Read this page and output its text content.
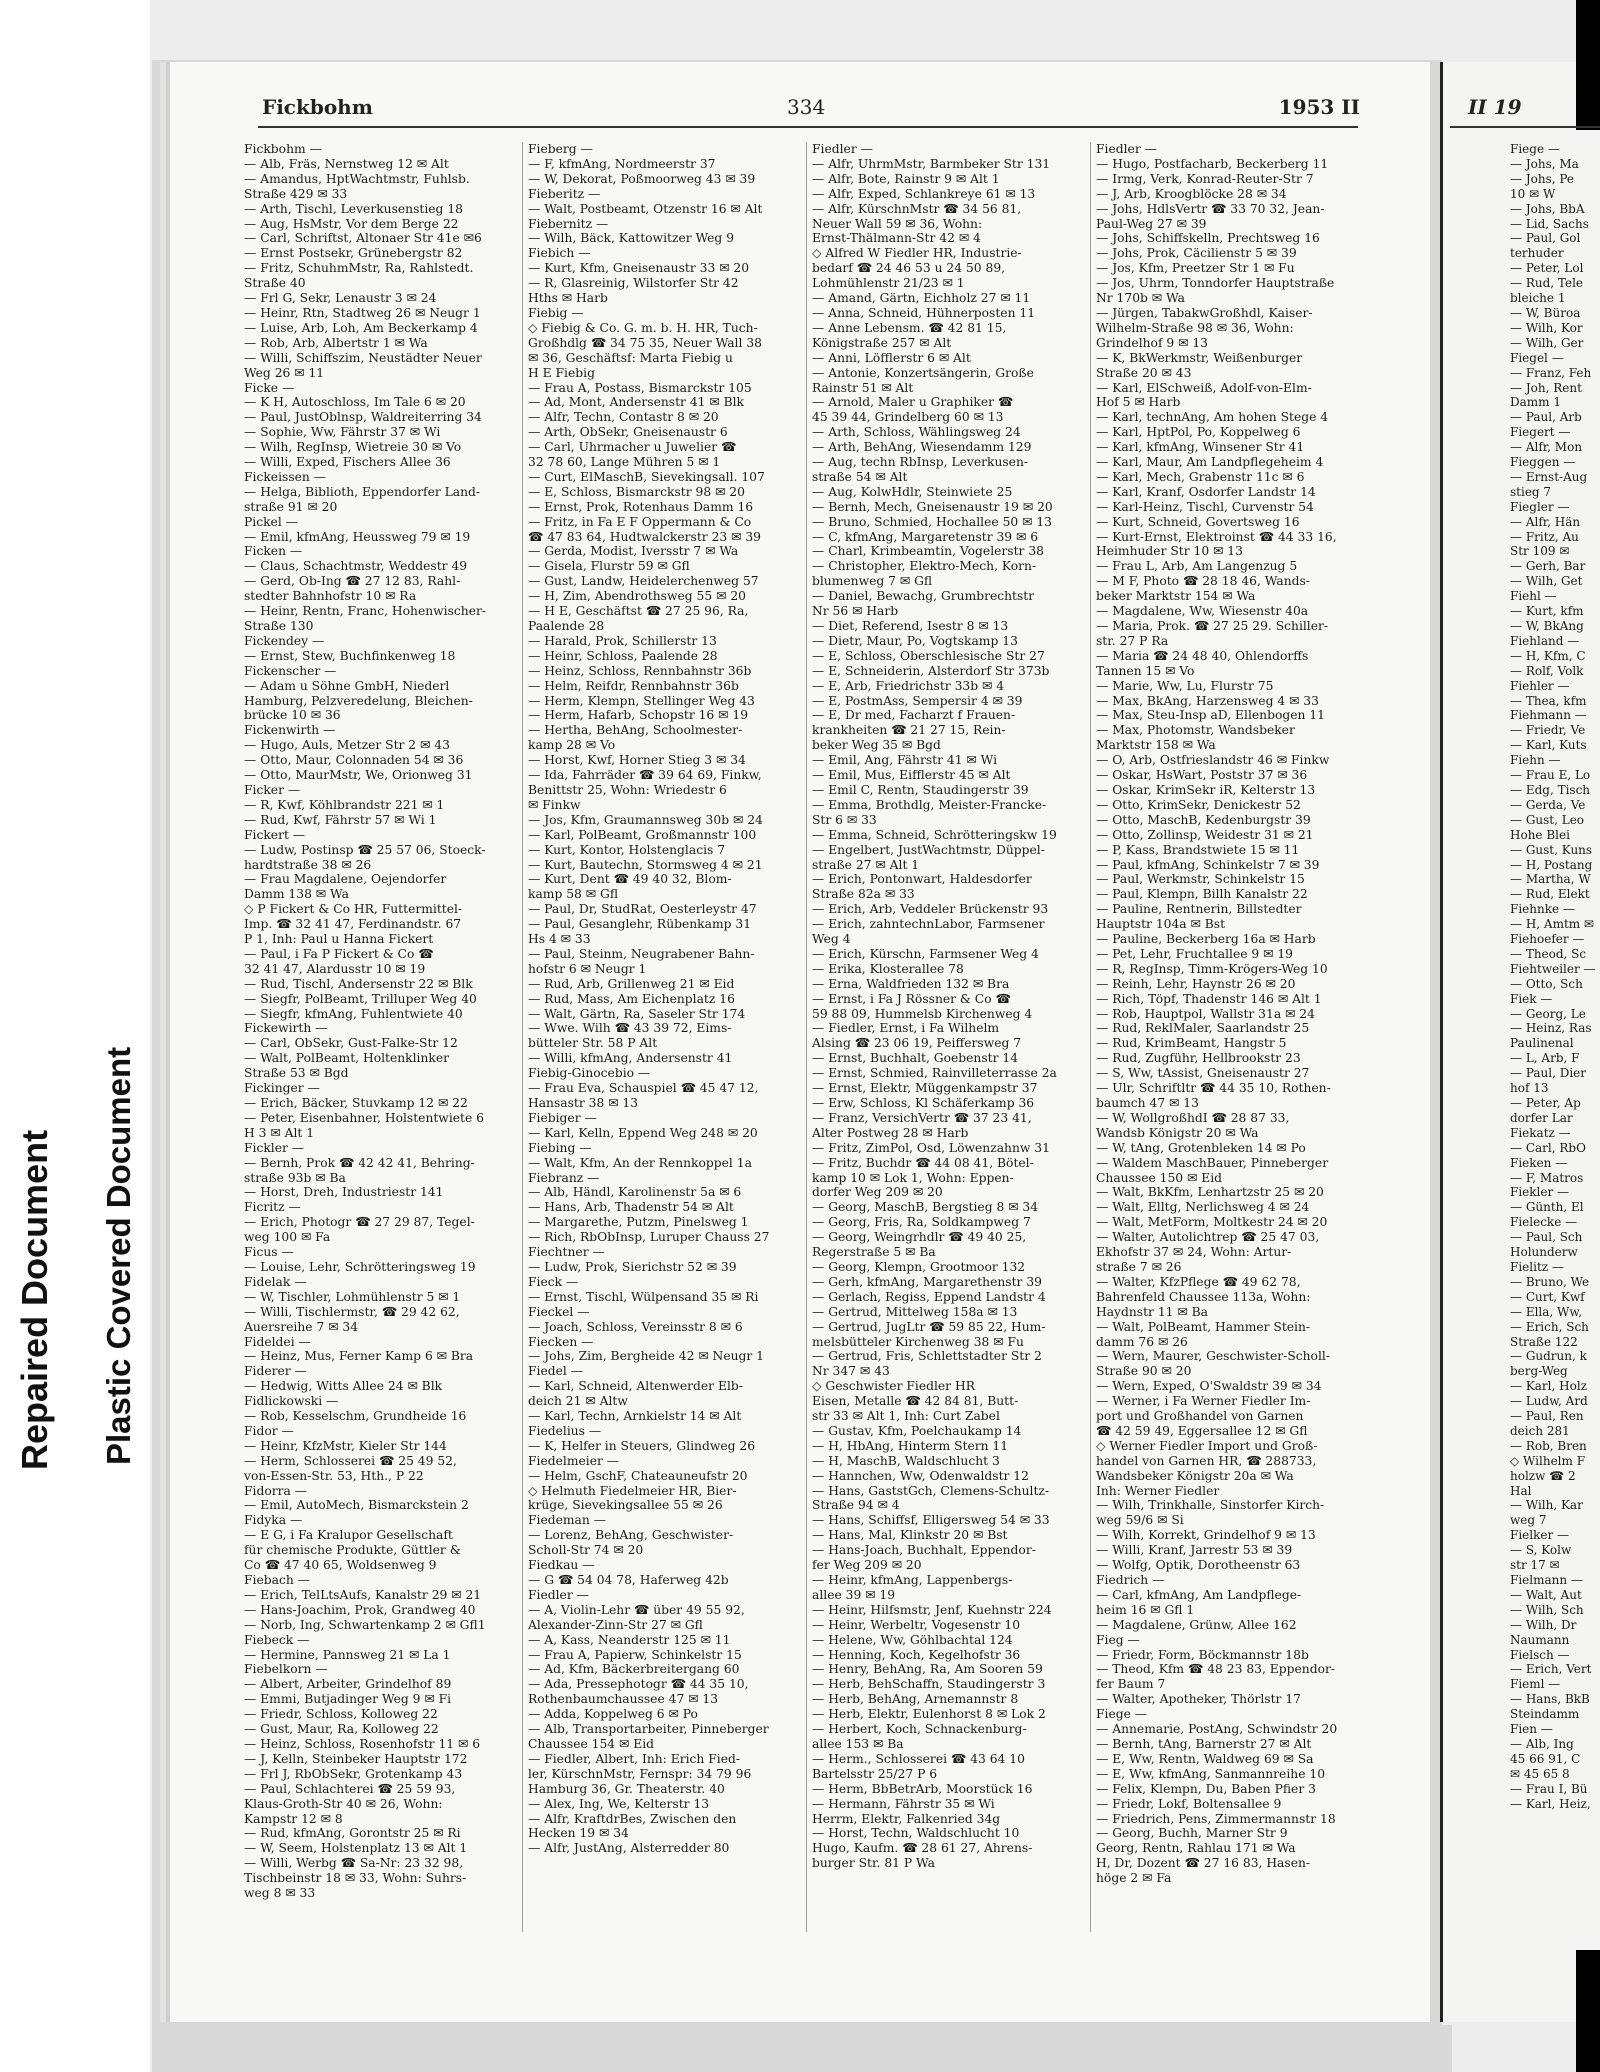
Repaired Document Plastic Covered Document
Fickbohm	334	1953 II	II 19
Fickbohm —
— Alb, Fräs, Nernstweg 12 ✉ Alt
— Amandus, HptWachtmstr, Fuhlsb.
Straße 429 ✉ 33
— Arth, Tischl, Leverkusenstieg 18
— Aug, HsMstr, Vor dem Berge 22
— Carl, Schriftst, Altonaer Str 41e ✉6
— Ernst Postsekr, Grünebergstr 82
— Fritz, SchuhmMstr, Ra, Rahlstedt.
Straße 40
— Frl G, Sekr, Lenaustr 3 ✉ 24
— Heinr, Rtn, Stadtweg 26 ✉ Neugr 1
— Luise, Arb, Loh, Am Beckerkamp 4
— Rob, Arb, Albertstr 1 ✉ Wa
— Willi, Schiffszim, Neustädter Neuer
Weg 26 ✉ 11
Ficke —
— K H, Autoschloss, Im Tale 6 ✉ 20
— Paul, JustOblnsp, Waldreiterring 34
— Sophie, Ww, Fährstr 37 ✉ Wi
— Wilh, RegInsp, Wietreie 30 ✉ Vo
— Willi, Exped, Fischers Allee 36
Fickeissen —
— Helga, Biblioth, Eppendorfer Land-
straße 91 ✉ 20
Pickel —
— Emil, kfmAng, Heussweg 79 ✉ 19
Ficken —
— Claus, Schachtmstr, Weddestr 49
— Gerd, Ob-Ing ☎ 27 12 83, Rahl-
stedter Bahnhofstr 10 ✉ Ra
— Heinr, Rentn, Franc, Hohenwischer-
Straße 130
Fickendey —
— Ernst, Stew, Buchfinkenweg 18
Fickenscher —
— Adam u Söhne GmbH, Niederl
Hamburg, Pelzveredelung, Bleichen-
brücke 10 ✉ 36
Fickenwirth —
— Hugo, Auls, Metzer Str 2 ✉ 43
— Otto, Maur, Colonnaden 54 ✉ 36
— Otto, MaurMstr, We, Orionweg 31
Ficker —
— R, Kwf, Köhlbrandstr 221 ✉ 1
— Rud, Kwf, Fährstr 57 ✉ Wi 1
Fickert —
— Ludw, Postinsp ☎ 25 57 06, Stoeck-
hardtstraße 38 ✉ 26
— Frau Magdalene, Oejendorfer
Damm 138 ✉ Wa
◇ P Fickert & Co HR, Futtermittel-
Imp. ☎ 32 41 47, Ferdinandstr. 67
P 1, Inh: Paul u Hanna Fickert
— Paul, i Fa P Fickert & Co ☎
32 41 47, Alardusstr 10 ✉ 19
— Rud, Tischl, Andersenstr 22 ✉ Blk
— Siegfr, PolBeamt, Trilluper Weg 40
— Siegfr, kfmAng, Fuhlentwiete 40
Fickewirth —
— Carl, ObSekr, Gust-Falke-Str 12
— Walt, PolBeamt, Holtenklinker
Straße 53 ✉ Bgd
Fickinger —
— Erich, Bäcker, Stuvkamp 12 ✉ 22
— Peter, Eisenbahner, Holstentwiete 6
H 3 ✉ Alt 1
Fickler —
— Bernh, Prok ☎ 42 42 41, Behring-
straße 93b ✉ Ba
— Horst, Dreh, Industriestr 141
Ficritz —
— Erich, Photogr ☎ 27 29 87, Tegel-
weg 100 ✉ Fa
Ficus —
— Louise, Lehr, Schrötteringsweg 19
Fidelak —
— W, Tischler, Lohmühlenstr 5 ✉ 1
— Willi, Tischlermstr, ☎ 29 42 62,
Auersreihe 7 ✉ 34
Fideldei —
— Heinz, Mus, Ferner Kamp 6 ✉ Bra
Fiderer —
— Hedwig, Witts Allee 24 ✉ Blk
Fidlickowski —
— Rob, Kesselschm, Grundheide 16
Fidor —
— Heinr, KfzMstr, Kieler Str 144
— Herm, Schlosserei ☎ 25 49 52,
von-Essen-Str. 53, Hth., P 22
Fidorra —
— Emil, AutoMech, Bismarckstein 2
Fidyka —
— E G, i Fa Kralupor Gesellschaft
für chemische Produkte, Güttler &
Co ☎ 47 40 65, Woldsenweg 9
Fiebach —
— Erich, TelLtsAufs, Kanalstr 29 ✉ 21
— Hans-Joachim, Prok, Grandweg 40
— Norb, Ing, Schwartenkamp 2 ✉ Gfl1
Fiebeck —
— Hermine, Pannsweg 21 ✉ La 1
Fiebelkorn —
— Albert, Arbeiter, Grindelhof 89
— Emmi, Butjadinger Weg 9 ✉ Fi
— Friedr, Schloss, Kolloweg 22
— Gust, Maur, Ra, Kolloweg 22
— Heinz, Schloss, Rosenhofstr 11 ✉ 6
— J, Kelln, Steinbeker Hauptstr 172
— Frl J, RbObSekr, Grotenkamp 43
— Paul, Schlachterei ☎ 25 59 93,
Klaus-Groth-Str 40 ✉ 26, Wohn:
Kampstr 12 ✉ 8
— Rud, kfmAng, Gorontstr 25 ✉ Ri
— W, Seem, Holstenplatz 13 ✉ Alt 1
— Willi, Werbg ☎ Sa-Nr: 23 32 98,
Tischbeinstr 18 ✉ 33, Wohn: Suhrs-
weg 8 ✉ 33
Fieberg —
— F, kfmAng, Nordmeerstr 37
— W, Dekorat, Poßmoorweg 43 ✉ 39
Fieberitz —
— Walt, Postbeamt, Otzenstr 16 ✉ Alt
Fiebernitz —
— Wilh, Bäck, Kattowitzer Weg 9
Fiebich —
— Kurt, Kfm, Gneisenaustr 33 ✉ 20
— R, Glasreinig, Wilstorfer Str 42
Hths ✉ Harb
Fiebig —
◇ Fiebig & Co. G. m. b. H. HR, Tuch-
Großhdlg ☎ 34 75 35, Neuer Wall 38
✉ 36, Geschäftsf: Marta Fiebig u
H E Fiebig
— Frau A, Postass, Bismarckstr 105
— Ad, Mont, Andersenstr 41 ✉ Blk
— Alfr, Techn, Contastr 8 ✉ 20
— Arth, ObSekr, Gneisenaustr 6
— Carl, Uhrmacher u Juwelier ☎
32 78 60, Lange Mühren 5 ✉ 1
— Curt, ElMaschB, Sievekingsall. 107
— E, Schloss, Bismarckstr 98 ✉ 20
— Ernst, Prok, Rotenhaus Damm 16
— Fritz, in Fa E F Oppermann & Co
☎ 47 83 64, Hudtwalckerstr 23 ✉ 39
— Gerda, Modist, Iversstr 7 ✉ Wa
— Gisela, Flurstr 59 ✉ Gfl
— Gust, Landw, Heidelerchenweg 57
— H, Zim, Abendrothsweg 55 ✉ 20
— H E, Geschäftst ☎ 27 25 96, Ra,
Paalende 28
— Harald, Prok, Schillerstr 13
— Heinr, Schloss, Paalende 28
— Heinz, Schloss, Rennbahnstr 36b
— Helm, Reifdr, Rennbahnstr 36b
— Herm, Klempn, Stellinger Weg 43
— Herm, Hafarb, Schopstr 16 ✉ 19
— Hertha, BehAng, Schoolmester-
kamp 28 ✉ Vo
— Horst, Kwf, Horner Stieg 3 ✉ 34
— Ida, Fahrräder ☎ 39 64 69, Finkw,
Benittstr 25, Wohn: Wriedestr 6
✉ Finkw
— Jos, Kfm, Graumannsweg 30b ✉ 24
— Karl, PolBeamt, Großmannstr 100
— Kurt, Kontor, Holstenglacis 7
— Kurt, Bautechn, Stormsweg 4 ✉ 21
— Kurt, Dent ☎ 49 40 32, Blom-
kamp 58 ✉ Gfl
— Paul, Dr, StudRat, Oesterleystr 47
— Paul, Gesanglehr, Rübenkamp 31
Hs 4 ✉ 33
— Paul, Steinm, Neugrabener Bahn-
hofstr 6 ✉ Neugr 1
— Rud, Arb, Grillenweg 21 ✉ Eid
— Rud, Mass, Am Eichenplatz 16
— Walt, Gärtn, Ra, Saseler Str 174
— Wwe. Wilh ☎ 43 39 72, Eims-
bütteler Str. 58 P Alt
— Willi, kfmAng, Andersenstr 41
Fiebig-Ginocebio —
— Frau Eva, Schauspiel ☎ 45 47 12,
Hansastr 38 ✉ 13
Fiebiger —
— Karl, Kelln, Eppend Weg 248 ✉ 20
Fiebing —
— Walt, Kfm, An der Rennkoppel 1a
Fiebranz —
— Alb, Händl, Karolinenstr 5a ✉ 6
— Hans, Arb, Thadenstr 54 ✉ Alt
— Margarethe, Putzm, Pinelsweg 1
— Rich, RbObInsp, Luruper Chauss 27
Fiechtner —
— Ludw, Prok, Sierichstr 52 ✉ 39
Fieck —
— Ernst, Tischl, Wülpensand 35 ✉ Ri
Fieckel —
— Joach, Schloss, Vereinsstr 8 ✉ 6
Fiecken —
— Johs, Zim, Bergheide 42 ✉ Neugr 1
Fiedel —
— Karl, Schneid, Altenwerder Elb-
deich 21 ✉ Altw
— Karl, Techn, Arnkielstr 14 ✉ Alt
Fiedelius —
— K, Helfer in Steuers, Glindweg 26
Fiedelmeier —
— Helm, GschF, Chateauneufstr 20
◇ Helmuth Fiedelmeier HR, Bier-
krüge, Sievekingsallee 55 ✉ 26
Fiedeman —
— Lorenz, BehAng, Geschwister-
Scholl-Str 74 ✉ 20
Fiedkau —
— G ☎ 54 04 78, Haferweg 42b
Fiedler —
— A, Violin-Lehr ☎ über 49 55 92,
Alexander-Zinn-Str 27 ✉ Gfl
— A, Kass, Neanderstr 125 ✉ 11
— Frau A, Papierw, Schinkelstr 15
— Ad, Kfm, Bäckerbreitergang 60
— Ada, Pressephotogr ☎ 44 35 10,
Rothenbaumchaussee 47 ✉ 13
— Adda, Koppelweg 6 ✉ Po
— Alb, Transportarbeiter, Pinneberger
Chaussee 154 ✉ Eid
— Fiedler, Albert, Inh: Erich Fied-
ler, KürschnMstr, Fernspr: 34 79 96
Hamburg 36, Gr. Theaterstr. 40
— Alex, Ing, We, Kelterstr 13
— Alfr, KraftdrBes, Zwischen den
Hecken 19 ✉ 34
— Alfr, JustAng, Alsterredder 80
Fiedler —
— Alfr, UhrmMstr, Barmbeker Str 131
— Alfr, Bote, Rainstr 9 ✉ Alt 1
— Alfr, Exped, Schlankreye 61 ✉ 13
— Alfr, KürschnMstr ☎ 34 56 81,
Neuer Wall 59 ✉ 36, Wohn:
Ernst-Thälmann-Str 42 ✉ 4
◇ Alfred W Fiedler HR, Industrie-
bedarf ☎ 24 46 53 u 24 50 89,
Lohmühlenstr 21/23 ✉ 1
— Amand, Gärtn, Eichholz 27 ✉ 11
— Anna, Schneid, Hühnerposten 11
— Anne Lebensm. ☎ 42 81 15,
Königstraße 257 ✉ Alt
— Anni, Löfflerstr 6 ✉ Alt
— Antonie, Konzertsängerin, Große
Rainstr 51 ✉ Alt
— Arnold, Maler u Graphiker ☎
45 39 44, Grindelberg 60 ✉ 13
— Arth, Schloss, Wählingsweg 24
— Arth, BehAng, Wiesendamm 129
— Aug, techn RbInsp, Leverkusen-
straße 54 ✉ Alt
— Aug, KolwHdlr, Steinwiete 25
— Bernh, Mech, Gneisenaustr 19 ✉ 20
— Bruno, Schmied, Hochallee 50 ✉ 13
— C, kfmAng, Margaretenstr 39 ✉ 6
— Charl, Krimbeamtin, Vogelerstr 38
— Christopher, Elektro-Mech, Korn-
blumenweg 7 ✉ Gfl
— Daniel, Bewachg, Grumbrechtstr
Nr 56 ✉ Harb
— Diet, Referend, Isestr 8 ✉ 13
— Dietr, Maur, Po, Vogtskamp 13
— E, Schloss, Oberschlesische Str 27
— E, Schneiderin, Alsterdorf Str 373b
— E, Arb, Friedrichstr 33b ✉ 4
— E, PostmAss, Sempersir 4 ✉ 39
— E, Dr med, Facharzt f Frauen-
krankheiten ☎ 21 27 15, Rein-
beker Weg 35 ✉ Bgd
— Emil, Ang, Fährstr 41 ✉ Wi
— Emil, Mus, Eifflerstr 45 ✉ Alt
— Emil C, Rentn, Staudingerstr 39
— Emma, Brothdlg, Meister-Francke-
Str 6 ✉ 33
— Emma, Schneid, Schrötteringskw 19
— Engelbert, JustWachtmstr, Düppel-
straße 27 ✉ Alt 1
— Erich, Pontonwart, Haldesdorfer
Straße 82a ✉ 33
— Erich, Arb, Veddeler Brückenstr 93
— Erich, zahntechnLabor, Farmsener
Weg 4
— Erich, Kürschn, Farmsener Weg 4
— Erika, Klosterallee 78
— Erna, Waldfrieden 132 ✉ Bra
— Ernst, i Fa J Rössner & Co ☎
59 88 09, Hummelsb Kirchenweg 4
— Fiedler, Ernst, i Fa Wilhelm
Alsing ☎ 23 06 19, Peiffersweg 7
— Ernst, Buchhalt, Goebenstr 14
— Ernst, Schmied, Rainvilleterrasse 2a
— Ernst, Elektr, Müggenkampstr 37
— Erw, Schloss, Kl Schäferkamp 36
— Franz, VersichVertr ☎ 37 23 41,
Alter Postweg 28 ✉ Harb
— Fritz, ZimPol, Osd, Löwenzahnw 31
— Fritz, Buchdr ☎ 44 08 41, Bötel-
kamp 10 ✉ Lok 1, Wohn: Eppen-
dorfer Weg 209 ✉ 20
— Georg, MaschB, Bergstieg 8 ✉ 34
— Georg, Fris, Ra, Soldkampweg 7
— Georg, Weingrhdlr ☎ 49 40 25,
Regerstraße 5 ✉ Ba
— Georg, Klempn, Grootmoor 132
— Gerh, kfmAng, Margarethenstr 39
— Gerlach, Regiss, Eppend Landstr 4
— Gertrud, Mittelweg 158a ✉ 13
— Gertrud, JugLtr ☎ 59 85 22, Hum-
melsbütteler Kirchenweg 38 ✉ Fu
— Gertrud, Fris, Schlettstadter Str 2
Nr 347 ✉ 43
◇ Geschwister Fiedler HR
Eisen, Metalle ☎ 42 84 81, Butt-
str 33 ✉ Alt 1, Inh: Curt Zabel
— Gustav, Kfm, Poelchaukamp 14
— H, HbAng, Hinterm Stern 11
— H, MaschB, Waldschlucht 3
— Hannchen, Ww, Odenwaldstr 12
— Hans, GaststGch, Clemens-Schultz-
Straße 94 ✉ 4
— Hans, Schiffsf, Elligersweg 54 ✉ 33
— Hans, Mal, Klinkstr 20 ✉ Bst
— Hans-Joach, Buchhalt, Eppendor-
fer Weg 209 ✉ 20
— Heinr, kfmAng, Lappenbergs-
allee 39 ✉ 19
— Heinr, Hilfsmstr, Jenf, Kuehnstr 224
— Heinr, Werbeltr, Vogesenstr 10
— Helene, Ww, Göhlbachtal 124
— Henning, Koch, Kegelhofstr 36
— Henry, BehAng, Ra, Am Sooren 59
— Herb, BehSchaffn, Staudingerstr 3
— Herb, BehAng, Arnemannstr 8
— Herb, Elektr, Eulenhorst 8 ✉ Lok 2
— Herbert, Koch, Schnackenburg-
allee 153 ✉ Ba
— Herm., Schlosserei ☎ 43 64 10
Bartelsstr 25/27 P 6
— Herm, BbBetrArb, Moorstück 16
— Hermann, Fährstr 35 ✉ Wi
Herrm, Elektr, Falkenried 34g
— Horst, Techn, Waldschlucht 10
Hugo, Kaufm. ☎ 28 61 27, Ahrens-
burger Str. 81 P Wa
Fiedler —
— Hugo, Postfacharb, Beckerberg 11
— Irmg, Verk, Konrad-Reuter-Str 7
— J, Arb, Kroogblöcke 28 ✉ 34
— Johs, HdlsVertr ☎ 33 70 32, Jean-
Paul-Weg 27 ✉ 39
— Johs, Schiffskelln, Prechtsweg 16
— Johs, Prok, Cäcilienstr 5 ✉ 39
— Jos, Kfm, Preetzer Str 1 ✉ Fu
— Jos, Uhrm, Tonndorfer Hauptstraße
Nr 170b ✉ Wa
— Jürgen, TabakwGroßhdl, Kaiser-
Wilhelm-Straße 98 ✉ 36, Wohn:
Grindelhof 9 ✉ 13
— K, BkWerkmstr, Weißenburger
Straße 20 ✉ 43
— Karl, ElSchweiß, Adolf-von-Elm-
Hof 5 ✉ Harb
— Karl, technAng, Am hohen Stege 4
— Karl, HptPol, Po, Koppelweg 6
— Karl, kfmAng, Winsener Str 41
— Karl, Maur, Am Landpflegeheim 4
— Karl, Mech, Grabenstr 11c ✉ 6
— Karl, Kranf, Osdorfer Landstr 14
— Karl-Heinz, Tischl, Curvenstr 54
— Kurt, Schneid, Govertsweg 16
— Kurt-Ernst, Elektroinst ☎ 44 33 16,
Heimhuder Str 10 ✉ 13
— Frau L, Arb, Am Langenzug 5
— M F, Photo ☎ 28 18 46, Wands-
beker Marktstr 154 ✉ Wa
— Magdalene, Ww, Wiesenstr 40a
— Maria, Prok. ☎ 27 25 29. Schiller-
str. 27 P Ra
— Maria ☎ 24 48 40, Ohlendorffs
Tannen 15 ✉ Vo
— Marie, Ww, Lu, Flurstr 75
— Max, BkAng, Harzensweg 4 ✉ 33
— Max, Steu-Insp aD, Ellenbogen 11
— Max, Photomstr, Wandsbeker
Marktstr 158 ✉ Wa
— O, Arb, Ostfrieslandstr 46 ✉ Finkw
— Oskar, HsWart, Poststr 37 ✉ 36
— Oskar, KrimSekr iR, Kelterstr 13
— Otto, KrimSekr, Denickestr 52
— Otto, MaschB, Kedenburgstr 39
— Otto, Zollinsp, Weidestr 31 ✉ 21
— P, Kass, Brandstwiete 15 ✉ 11
— Paul, kfmAng, Schinkelstr 7 ✉ 39
— Paul, Werkmstr, Schinkelstr 15
— Paul, Klempn, Billh Kanalstr 22
— Pauline, Rentnerin, Billstedter
Hauptstr 104a ✉ Bst
— Pauline, Beckerberg 16a ✉ Harb
— Pet, Lehr, Fruchtallee 9 ✉ 19
— R, RegInsp, Timm-Krögers-Weg 10
— Reinh, Lehr, Haynstr 26 ✉ 20
— Rich, Töpf, Thadenstr 146 ✉ Alt 1
— Rob, Hauptpol, Wallstr 31a ✉ 24
— Rud, ReklMaler, Saarlandstr 25
— Rud, KrimBeamt, Hangstr 5
— Rud, Zugführ, Hellbrookstr 23
— S, Ww, tAssist, Gneisenaustr 27
— Ulr, Schriftltr ☎ 44 35 10, Rothen-
baumch 47 ✉ 13
— W, WollgroßhdI ☎ 28 87 33,
Wandsb Königstr 20 ✉ Wa
— W, tAng, Grotenbleken 14 ✉ Po
— Waldem MaschBauer, Pinneberger
Chaussee 150 ✉ Eid
— Walt, BkKfm, Lenhartzstr 25 ✉ 20
— Walt, Elltg, Nerlichsweg 4 ✉ 24
— Walt, MetForm, Moltkestr 24 ✉ 20
— Walter, Autolichtrep ☎ 25 47 03,
Ekhofstr 37 ✉ 24, Wohn: Artur-
straße 7 ✉ 26
— Walter, KfzPflege ☎ 49 62 78,
Bahrenfeld Chaussee 113a, Wohn:
Haydnstr 11 ✉ Ba
— Walt, PolBeamt, Hammer Stein-
damm 76 ✉ 26
— Wern, Maurer, Geschwister-Scholl-
Straße 90 ✉ 20
— Wern, Exped, O'Swaldstr 39 ✉ 34
— Werner, i Fa Werner Fiedler Im-
port und Großhandel von Garnen
☎ 42 59 49, Eggersallee 12 ✉ Gfl
◇ Werner Fiedler Import und Groß-
handel von Garnen HR, ☎ 288733,
Wandsbeker Königstr 20a ✉ Wa
Inh: Werner Fiedler
— Wilh, Trinkhalle, Sinstorfer Kirch-
weg 59/6 ✉ Si
— Wilh, Korrekt, Grindelhof 9 ✉ 13
— Willi, Kranf, Jarrestr 53 ✉ 39
— Wolfg, Optik, Dorotheenstr 63
Fiedrich —
— Carl, kfmAng, Am Landpflege-
heim 16 ✉ Gfl 1
— Magdalene, Grünw, Allee 162
Fieg —
— Friedr, Form, Böckmannstr 18b
— Theod, Kfm ☎ 48 23 83, Eppendor-
fer Baum 7
— Walter, Apotheker, Thörlstr 17
Fiege —
— Annemarie, PostAng, Schwindstr 20
— Bernh, tAng, Barnerstr 27 ✉ Alt
— E, Ww, Rentn, Waldweg 69 ✉ Sa
— E, Ww, kfmAng, Sanmannreihe 10
— Felix, Klempn, Du, Baben Pfier 3
— Friedr, Lokf, Boltensallee 9
— Friedrich, Pens, Zimmermannstr 18
— Georg, Buchh, Marner Str 9
Georg, Rentn, Rahlau 171 ✉ Wa
H, Dr, Dozent ☎ 27 16 83, Hasen-
höge 2 ✉ Fa
Fiege —
— Johs, Ma
— Johs, Pe
10 ✉ W
— Johs, BbA
— Lid, Sachs
— Paul, Gol
terhuder
— Peter, Lol
— Rud, Tele
bleiche 1
— W, Büroa
— Wilh, Kor
— Wilh, Ger
Fiegel —
— Franz, Feh
— Joh, Rent
Damm 1
— Paul, Arb
Fiegert —
— Alfr, Mon
Fieggen —
— Ernst-Aug
stieg 7
Fiegler —
— Alfr, Hän
— Fritz, Au
Str 109 ✉
— Gerh, Bar
— Wilh, Get
Fiehl —
— Kurt, kfm
— W, BkAng
Fiehland —
— H, Kfm, C
— Rolf, Volk
Fiehler —
— Thea, kfm
Fiehmann —
— Friedr, Ve
— Karl, Kuts
Fiehn —
— Frau E, Lo
— Edg, Tisch
— Gerda, Ve
— Gust, Leo
Hohe Blei
— Gust, Kuns
— H, Postang
— Martha, W
— Rud, Elekt
Fiehnke —
— H, Amtm ✉
Fiehoefer —
— Theod, Sc
Fiehtweiler —
— Otto, Sch
Fiek —
— Georg, Le
— Heinz, Ras
Paulinenal
— L, Arb, F
— Paul, Dier
hof 13
— Peter, Ap
dorfer Lar
Fiekatz —
— Carl, RbO
Fieken —
— F, Matros
Fiekler —
— Günth, El
Fielecke —
— Paul, Sch
Holunderw
Fielitz —
— Bruno, We
— Curt, Kwf
— Ella, Ww,
— Erich, Sch
Straße 122
— Gudrun, k
berg-Weg
— Karl, Holz
— Ludw, Ard
— Paul, Ren
deich 281
— Rob, Bren
◇ Wilhelm F
holzw ☎ 2
Hal
— Wilh, Kar
weg 7
Fielker —
— S, Kolw
str 17 ✉
Fielmann —
— Walt, Aut
— Wilh, Sch
— Wilh, Dr
Naumann
Fielsch —
— Erich, Vert
Fieml —
— Hans, BkB
Steindamm
Fien —
— Alb, Ing
45 66 91, C
✉ 45 65 8
— Frau I, Bü
— Karl, Heiz,
